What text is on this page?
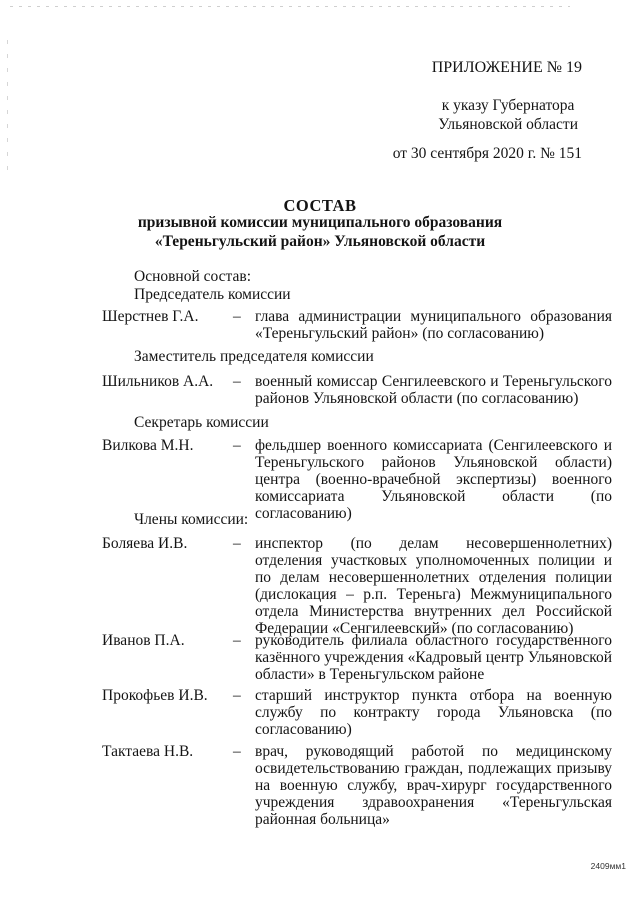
ПРИЛОЖЕНИЕ № 19
к указу Губернатора
Ульяновской области
от 30 сентября 2020 г. № 151
СОСТАВ
призывной комиссии муниципального образования
«Тереньгульский район» Ульяновской области
Основной состав:
Председатель комиссии
Шерстнев Г.А. – глава администрации муниципального образования «Тереньгульский район» (по согласованию)
Заместитель председателя комиссии
Шильников А.А. – военный комиссар Сенгилеевского и Тереньгульского районов Ульяновской области (по согласованию)
Секретарь комиссии
Вилкова М.Н.	– фельдшер военного комиссариата (Сенгилеевского и Тереньгульского районов Ульяновской области) центра (военно-врачебной экспертизы) военного комиссариата Ульяновской области (по согласованию)
Члены комиссии:
Боляева И.В.	– инспектор (по делам несовершеннолетних) отделения участковых уполномоченных полиции и по делам несовершеннолетних отделения полиции (дислокация – р.п. Тереньга) Межмуниципального отдела Министерства внутренних дел Российской Федерации «Сенгилеевский» (по согласованию)
Иванов П.А.	– руководитель филиала областного государственного казённого учреждения «Кадровый центр Ульяновской области» в Тереньгульском районе
Прокофьев И.В. – старший инструктор пункта отбора на военную службу по контракту города Ульяновска (по согласованию)
Тактаева Н.В.	– врач, руководящий работой по медицинскому освидетельствованию граждан, подлежащих призыву на военную службу, врач-хирург государственного учреждения здравоохранения «Тереньгульская районная больница»
2409мм1
